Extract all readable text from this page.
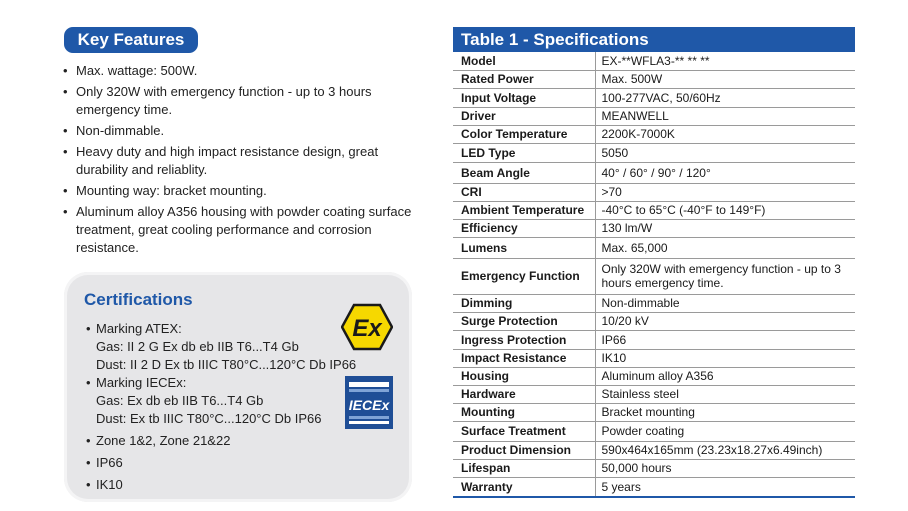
Key Features
• Max. wattage: 500W.
• Only 320W with emergency function - up to 3 hours emergency time.
• Non-dimmable.
• Heavy duty and high impact resistance design, great durability and reliablity.
• Mounting way: bracket mounting.
• Aluminum alloy A356 housing with powder coating surface treatment, great cooling performance and corrosion resistance.
Certifications
• Marking ATEX:
Gas: II 2 G Ex db eb IIB T6...T4 Gb
Dust: II 2 D Ex tb IIIC T80°C...120°C Db IP66
• Marking IECEx:
Gas: Ex db eb IIB T6...T4 Gb
Dust: Ex tb IIIC T80°C...120°C Db IP66
• Zone 1&2, Zone 21&22
• IP66
• IK10
Ex
IECEx
Table 1 - Specifications
Model	EX-**WFLA3-** ** **
Rated Power	Max. 500W
Input Voltage	100-277VAC, 50/60Hz
Driver	MEANWELL
Color Temperature	2200K-7000K
LED Type	5050
Beam Angle	40° / 60° / 90° / 120°
CRI	>70
Ambient Temperature	-40°C to 65°C (-40°F to 149°F)
Efficiency	130 lm/W
Lumens	Max. 65,000
Emergency Function	Only 320W with emergency function - up to 3 hours emergency time.
Dimming	Non-dimmable
Surge Protection	10/20 kV
Ingress Protection	IP66
Impact Resistance	IK10
Housing	Aluminum alloy A356
Hardware	Stainless steel
Mounting	Bracket mounting
Surface Treatment	Powder coating
Product Dimension	590x464x165mm (23.23x18.27x6.49inch)
Lifespan	50,000 hours
Warranty	5 years
